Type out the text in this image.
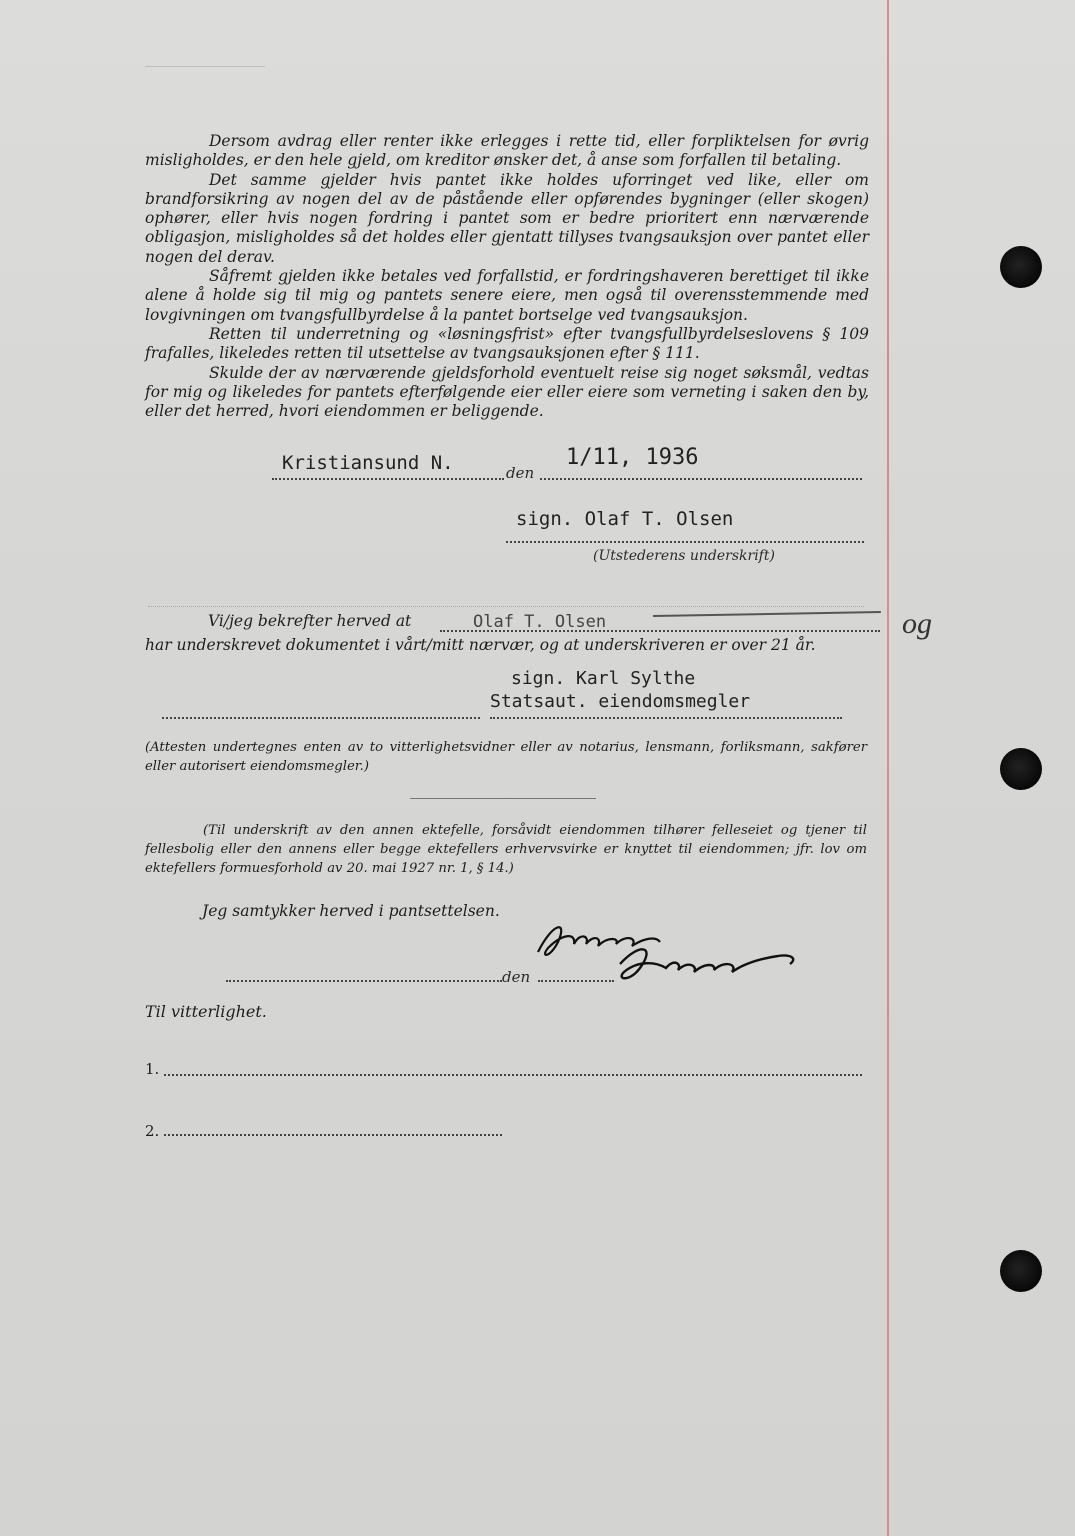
Dersom avdrag eller renter ikke erlegges i rette tid, eller forpliktelsen for øvrig misligholdes, er den hele gjeld, om kreditor ønsker det, å anse som forfallen til betaling.

Det samme gjelder hvis pantet ikke holdes uforringet ved like, eller om brandforsikring av nogen del av de påstående eller opførendes bygninger (eller skogen) ophører, eller hvis nogen fordring i pantet som er bedre prioritert enn nærværende obligasjon, misligholdes så det holdes eller gjentatt tillyses tvangsauksjon over pantet eller nogen del derav.

Såfremt gjelden ikke betales ved forfallstid, er fordringshaveren berettiget til ikke alene å holde sig til mig og pantets senere eiere, men også til overensstemmende med lovgivningen om tvangsfullbyrdelse å la pantet bortselge ved tvangsauksjon.

Retten til underretning og «løsningsfrist» efter tvangsfullbyrdelseslovens § 109 frafalles, likeledes retten til utsettelse av tvangsauksjonen efter § 111.

Skulde der av nærværende gjeldsforhold eventuelt reise sig noget søksmål, vedtas for mig og likeledes for pantets efterfølgende eier eller eiere som verneting i saken den by, eller det herred, hvori eiendommen er beliggende.

Kristiansund N.	den
1/11, 1936
sign. Olaf T. Olsen
(Utstederens underskrift)
Vi/jeg bekrefter herved at	Olaf T. Olsen	og
har underskrevet dokumentet i vårt/mitt nærvær, og at underskriveren er over 21 år.
sign. Karl Sylthe
Statsaut. eiendomsmegler

(Attesten undertegnes enten av to vitterlighetsvidner eller av notarius, lensmann, forliksmann, sakfører eller autorisert eiendomsmegler.)

(Til underskrift av den annen ektefelle, forsåvidt eiendommen tilhører felleseiet og tjener til fellesbolig eller den annens eller begge ektefellers erhvervsvirke er knyttet til eiendommen; jfr. lov om ektefellers formuesforhold av 20. mai 1927 nr. 1, § 14.)

Jeg samtykker herved i pantsettelsen.
den
Til vitterlighet.
1.
2.
